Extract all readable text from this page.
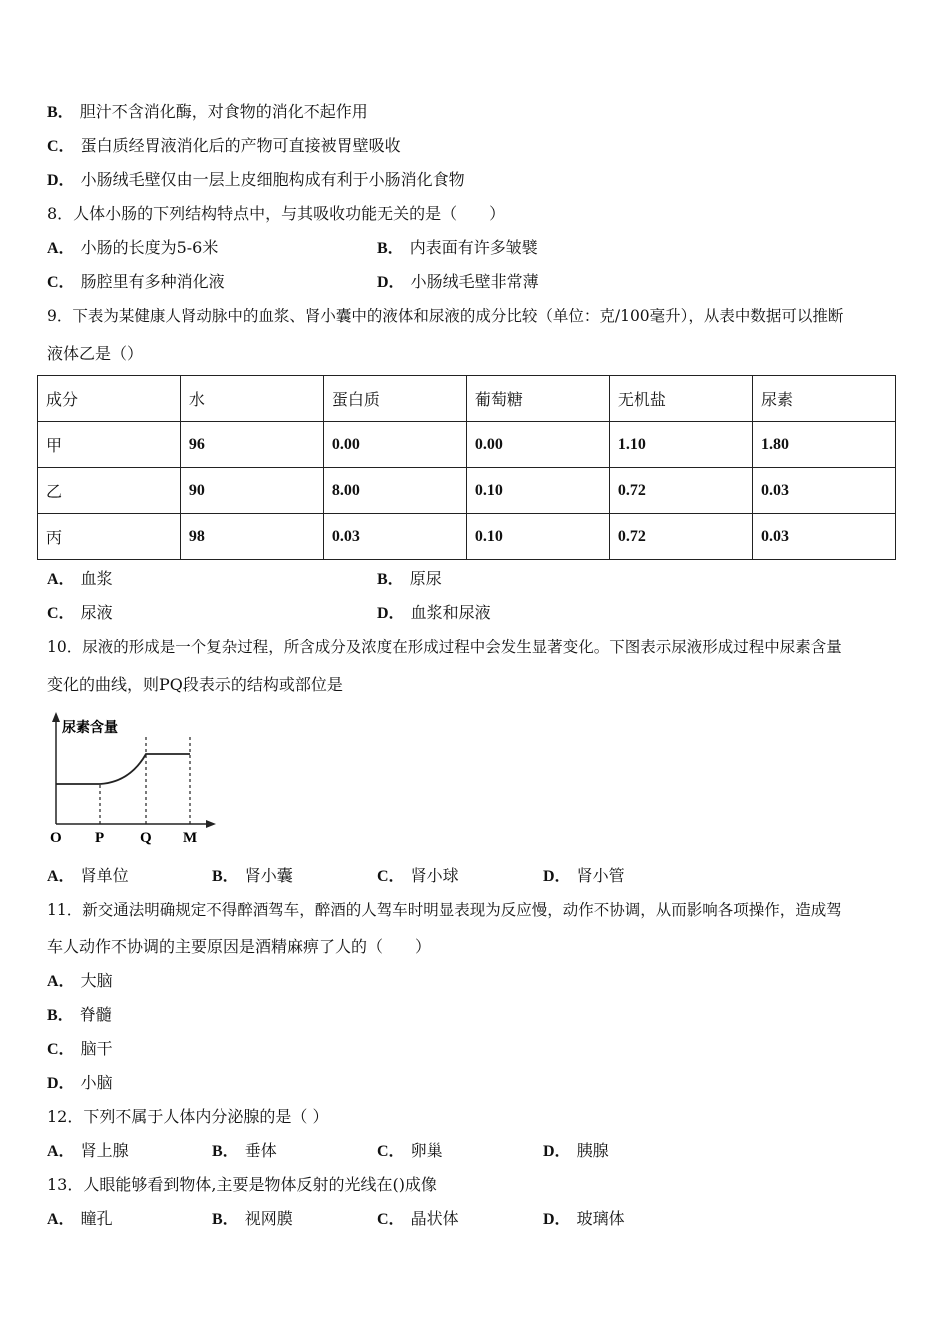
B． 胆汁不含消化酶，对食物的消化不起作用
C． 蛋白质经胃液消化后的产物可直接被胃壁吸收
D． 小肠绒毛壁仅由一层上皮细胞构成有利于小肠消化食物
8．人体小肠的下列结构特点中，与其吸收功能无关的是（　　）
A． 小肠的长度为5-6米	B． 内表面有许多皱襞
C． 肠腔里有多种消化液	D． 小肠绒毛壁非常薄
9．下表为某健康人肾动脉中的血浆、肾小囊中的液体和尿液的成分比较（单位：克/100毫升），从表中数据可以推断
液体乙是（）
成分	水	蛋白质	葡萄糖	无机盐	尿素
甲	96	0.00	0.00	1.10	1.80
乙	90	8.00	0.10	0.72	0.03
丙	98	0.03	0.10	0.72	0.03
A． 血浆	B． 原尿
C． 尿液	D． 血浆和尿液
10．尿液的形成是一个复杂过程，所含成分及浓度在形成过程中会发生显著变化。下图表示尿液形成过程中尿素含量
变化的曲线，则PQ段表示的结构或部位是
尿素含量
O P Q M
A． 肾单位	B． 肾小囊	C． 肾小球	D． 肾小管
11．新交通法明确规定不得醉酒驾车，醉酒的人驾车时明显表现为反应慢，动作不协调，从而影响各项操作，造成驾
车人动作不协调的主要原因是酒精麻痹了人的（　　）
A． 大脑
B． 脊髓
C． 脑干
D． 小脑
12．下列不属于人体内分泌腺的是（ ）
A． 肾上腺	B． 垂体	C． 卵巢	D． 胰腺
13．人眼能够看到物体,主要是物体反射的光线在()成像
A． 瞳孔	B． 视网膜	C． 晶状体	D． 玻璃体
